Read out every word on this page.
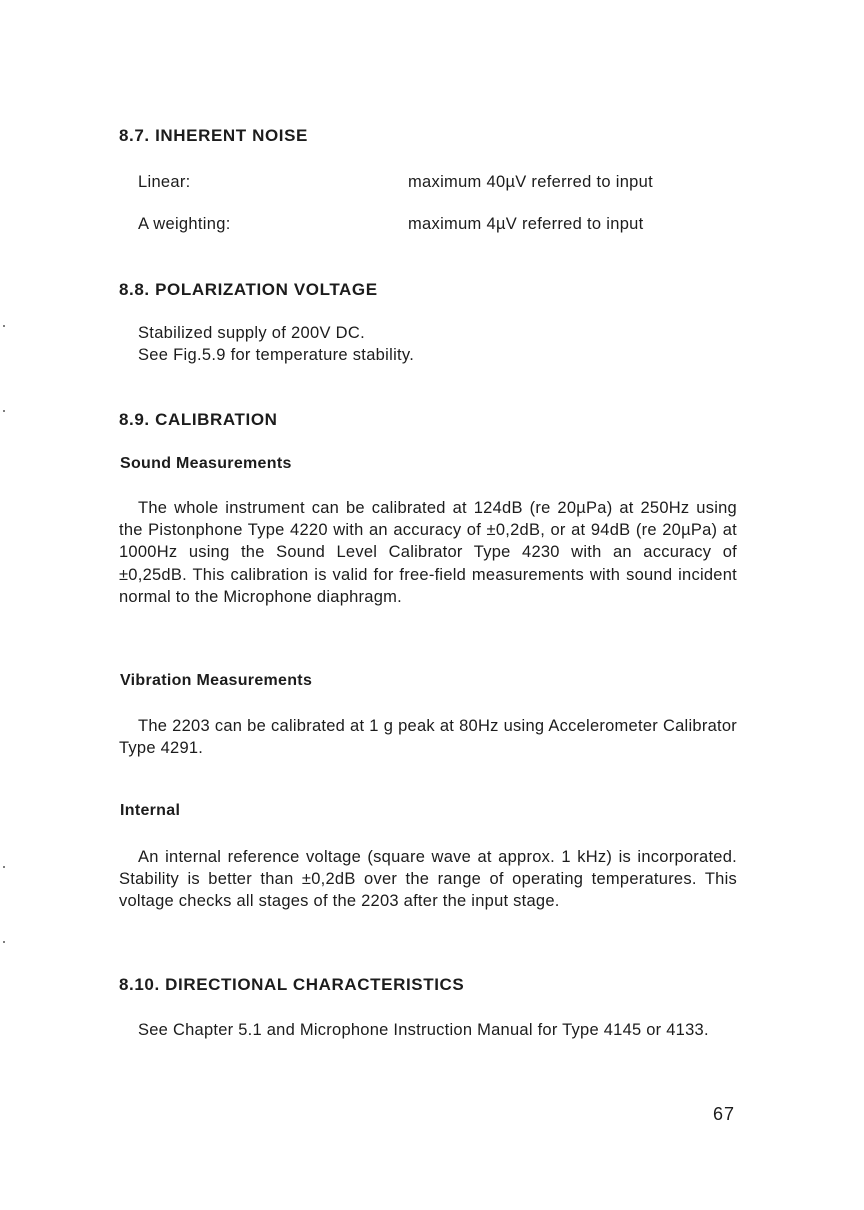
8.7. INHERENT NOISE
Linear:	maximum 40µV referred to input
A weighting:	maximum 4µV referred to input
8.8. POLARIZATION VOLTAGE
Stabilized supply of 200V DC.
See Fig.5.9 for temperature stability.
8.9. CALIBRATION
Sound Measurements

The whole instrument can be calibrated at 124dB (re 20µPa) at 250Hz using the Pistonphone Type 4220 with an accuracy of ±0,2dB, or at 94dB (re 20µPa) at 1000Hz using the Sound Level Calibrator Type 4230 with an accuracy of ±0,25dB. This calibration is valid for free-field measurements with sound incident normal to the Microphone diaphragm.

Vibration Measurements

The 2203 can be calibrated at 1 g peak at 80Hz using Accelerometer Calibrator Type 4291.

Internal

An internal reference voltage (square wave at approx. 1 kHz) is incorporated. Stability is better than ±0,2dB over the range of operating temperatures. This voltage checks all stages of the 2203 after the input stage.

8.10. DIRECTIONAL CHARACTERISTICS

See Chapter 5.1 and Microphone Instruction Manual for Type 4145 or 4133.

67
